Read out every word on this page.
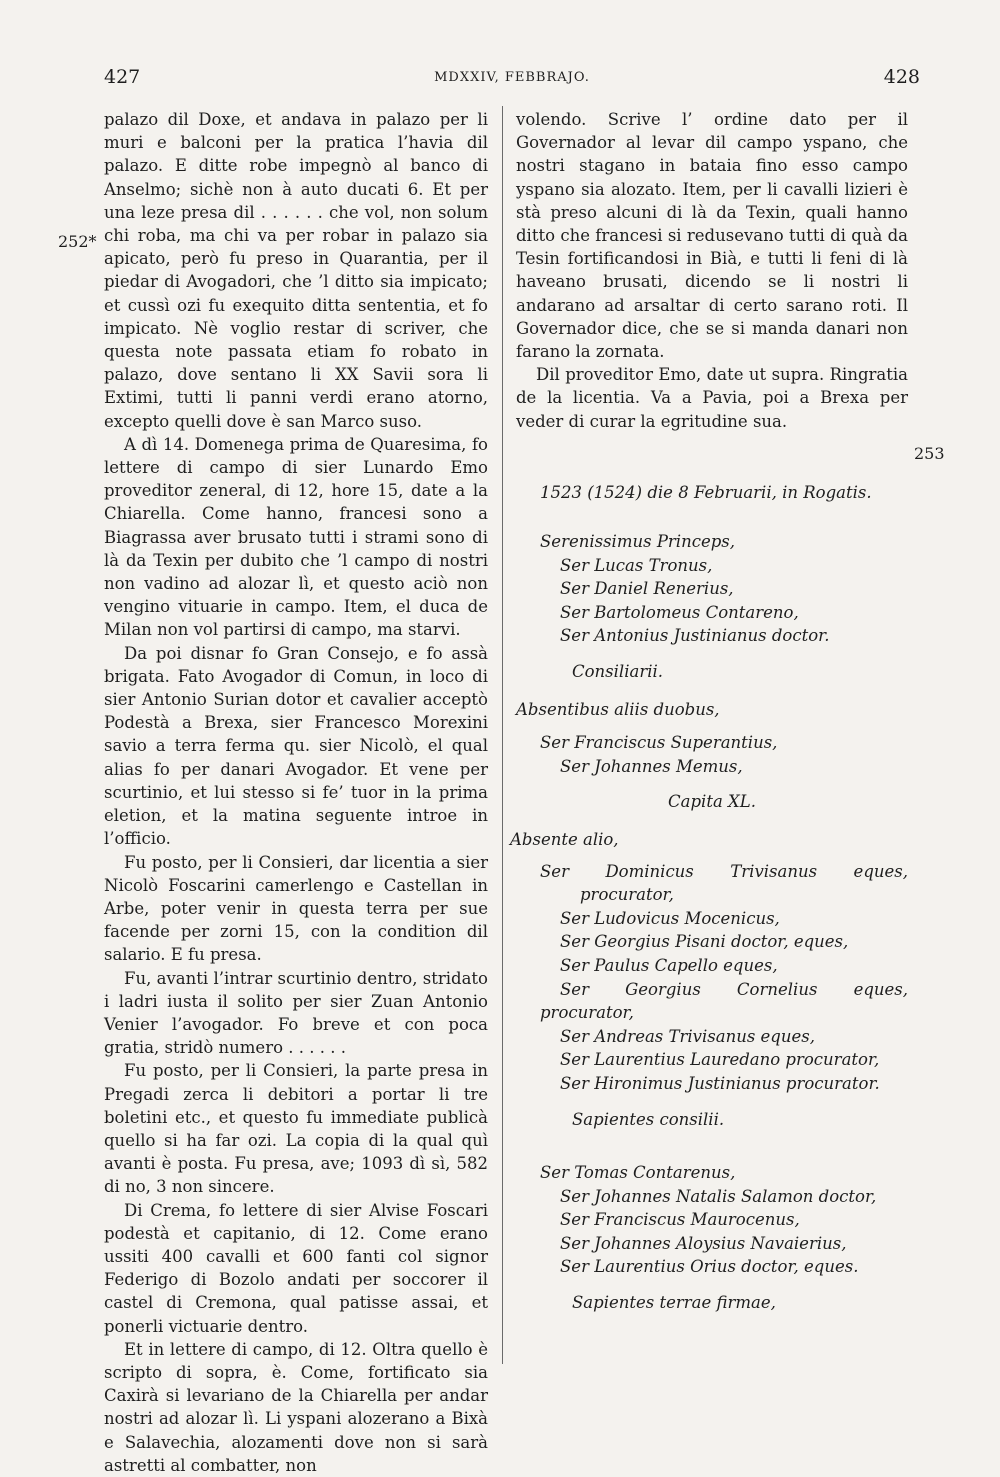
427	MDXXIV, FEBBRAJO.	428
252*
253

palazo dil Doxe, et andava in palazo per li muri e balconi per la pratica l’havia dil palazo. E ditte robe impegnò al banco di Anselmo; sichè non à auto ducati 6. Et per una leze presa dil . . . . . . che vol, non solum chi roba, ma chi va per robar in palazo sia apicato, però fu preso in Quarantia, per il piedar di Avogadori, che ’l ditto sia impicato; et cussì ozi fu exequito ditta sententia, et fo impicato. Nè voglio restar di scriver, che questa note passata etiam fo robato in palazo, dove sentano li XX Savii sora li Extimi, tutti li panni verdi erano atorno, excepto quelli dove è san Marco suso.

A dì 14. Domenega prima de Quaresima, fo lettere di campo di sier Lunardo Emo proveditor zeneral, di 12, hore 15, date a la Chiarella. Come hanno, francesi sono a Biagrassa aver brusato tutti i strami sono di là da Texin per dubito che ’l campo di nostri non vadino ad alozar lì, et questo aciò non vengino vituarie in campo. Item, el duca de Milan non vol partirsi di campo, ma starvi.

Da poi disnar fo Gran Consejo, e fo assà brigata. Fato Avogador di Comun, in loco di sier Antonio Surian dotor et cavalier acceptò Podestà a Brexa, sier Francesco Morexini savio a terra ferma qu. sier Nicolò, el qual alias fo per danari Avogador. Et vene per scurtinio, et lui stesso si fe’ tuor in la prima eletion, et la matina seguente introe in l’officio.

Fu posto, per li Consieri, dar licentia a sier Nicolò Foscarini camerlengo e Castellan in Arbe, poter venir in questa terra per sue facende per zorni 15, con la condition dil salario. E fu presa.

Fu, avanti l’intrar scurtinio dentro, stridato i ladri iusta il solito per sier Zuan Antonio Venier l’avogador. Fo breve et con poca gratia, stridò numero . . . . . .

Fu posto, per li Consieri, la parte presa in Pregadi zerca li debitori a portar li tre boletini etc., et questo fu immediate publicà quello si ha far ozi. La copia di la qual quì avanti è posta. Fu presa, ave; 1093 dì sì, 582 di no, 3 non sincere.

Di Crema, fo lettere di sier Alvise Foscari podestà et capitanio, di 12. Come erano ussiti 400 cavalli et 600 fanti col signor Federigo di Bozolo andati per soccorer il castel di Cremona, qual patisse assai, et ponerli victuarie dentro.

Et in lettere di campo, di 12. Oltra quello è scripto di sopra, è. Come, fortificato sia Caxirà si levariano de la Chiarella per andar nostri ad alozar lì. Li yspani alozerano a Bixà e Salavechia, alozamenti dove non si sarà astretti al combatter, non

volendo. Scrive l’ ordine dato per il Governador al levar dil campo yspano, che nostri stagano in bataia fino esso campo yspano sia alozato. Item, per li cavalli lizieri è stà preso alcuni di là da Texin, quali hanno ditto che francesi si redusevano tutti di quà da Tesin fortificandosi in Bià, e tutti li feni di là haveano brusati, dicendo se li nostri li andarano ad arsaltar di certo sarano roti. Il Governador dice, che se si manda danari non farano la zornata.

Dil proveditor Emo, date ut supra. Ringratia de la licentia. Va a Pavia, poi a Brexa per veder di curar la egritudine sua.

1523 (1524) die 8 Februarii, in Rogatis.

Serenissimus Princeps,

Ser Lucas Tronus,

Ser Daniel Renerius,

Ser Bartolomeus Contareno,

Ser Antonius Justinianus doctor.

Consiliarii.

Absentibus aliis duobus,

Ser Franciscus Superantius,

Ser Johannes Memus,

Capita XL.

Absente alio,

Ser Dominicus Trivisanus eques, procurator,

Ser Ludovicus Mocenicus,

Ser Georgius Pisani doctor, eques,

Ser Paulus Capello eques,

Ser Georgius Cornelius eques, procurator,

Ser Andreas Trivisanus eques,

Ser Laurentius Lauredano procurator,

Ser Hironimus Justinianus procurator.

Sapientes consilii.

Ser Tomas Contarenus,

Ser Johannes Natalis Salamon doctor,

Ser Franciscus Maurocenus,

Ser Johannes Aloysius Navaierius,

Ser Laurentius Orius doctor, eques.

Sapientes terrae firmae,
